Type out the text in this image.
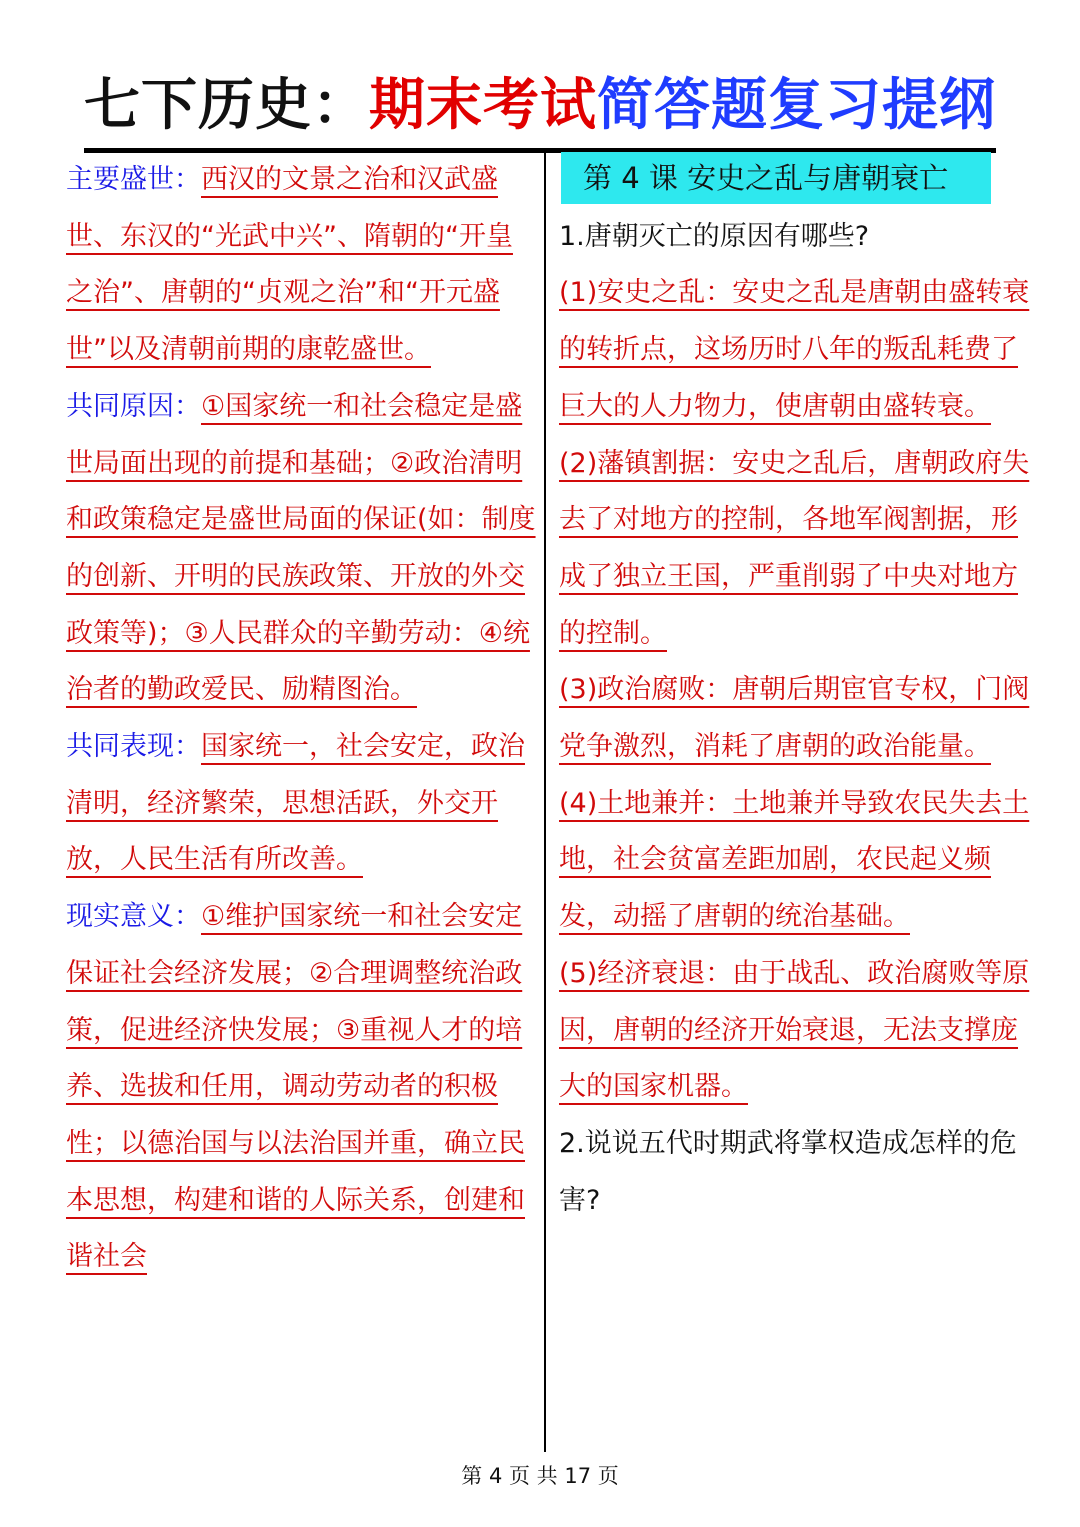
七下历史：期末考试简答题复习提纲

主要盛世：西汉的文景之治和汉武盛世、东汉的“光武中兴”、隋朝的“开皇之治”、唐朝的“贞观之治”和“开元盛世”以及清朝前期的康乾盛世。

共同原因：①国家统一和社会稳定是盛世局面出现的前提和基础；②政治清明和政策稳定是盛世局面的保证(如：制度的创新、开明的民族政策、开放的外交政策等)；③人民群众的辛勤劳动：④统治者的勤政爱民、励精图治。

共同表现：国家统一，社会安定，政治清明，经济繁荣，思想活跃，外交开放，人民生活有所改善。

现实意义：①维护国家统一和社会安定保证社会经济发展；②合理调整统治政策，促进经济快发展；③重视人才的培养、选拔和任用，调动劳动者的积极性；以德治国与以法治国并重，确立民本思想，构建和谐的人际关系，创建和谐社会

第 4 课 安史之乱与唐朝衰亡

1.唐朝灭亡的原因有哪些?

(1)安史之乱：安史之乱是唐朝由盛转衰的转折点，这场历时八年的叛乱耗费了巨大的人力物力，使唐朝由盛转衰。

(2)藩镇割据：安史之乱后，唐朝政府失去了对地方的控制，各地军阀割据，形成了独立王国，严重削弱了中央对地方的控制。

(3)政治腐败：唐朝后期宦官专权，门阀党争激烈，消耗了唐朝的政治能量。

(4)土地兼并：土地兼并导致农民失去土地，社会贫富差距加剧，农民起义频发，动摇了唐朝的统治基础。

(5)经济衰退：由于战乱、政治腐败等原因，唐朝的经济开始衰退，无法支撑庞大的国家机器。

2.说说五代时期武将掌权造成怎样的危害?

第 4 页 共 17 页
